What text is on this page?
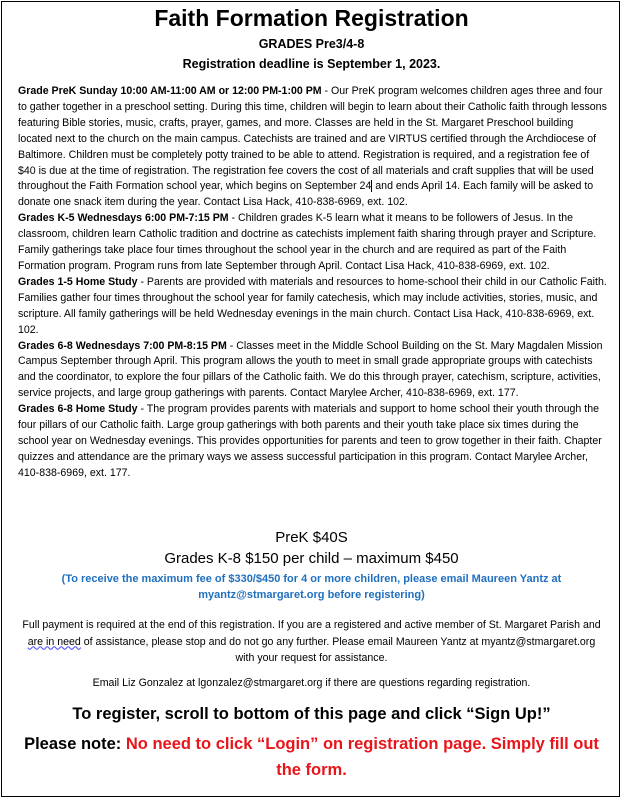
Faith Formation Registration
GRADES Pre3/4-8
Registration deadline is September 1, 2023.

Grade PreK Sunday 10:00 AM-11:00 AM or 12:00 PM-1:00 PM - Our PreK program welcomes children ages three and four to gather together in a preschool setting. During this time, children will begin to learn about their Catholic faith through lessons featuring Bible stories, music, crafts, prayer, games, and more. Classes are held in the St. Margaret Preschool building located next to the church on the main campus. Catechists are trained and are VIRTUS certified through the Archdiocese of Baltimore. Children must be completely potty trained to be able to attend. Registration is required, and a registration fee of $40 is due at the time of registration. The registration fee covers the cost of all materials and craft supplies that will be used throughout the Faith Formation school year, which begins on September 24 and ends April 14. Each family will be asked to donate one snack item during the year. Contact Lisa Hack, 410-838-6969, ext. 102.

Grades K-5 Wednesdays 6:00 PM-7:15 PM - Children grades K-5 learn what it means to be followers of Jesus. In the classroom, children learn Catholic tradition and doctrine as catechists implement faith sharing through prayer and Scripture. Family gatherings take place four times throughout the school year in the church and are required as part of the Faith Formation program. Program runs from late September through April. Contact Lisa Hack, 410-838-6969, ext. 102.

Grades 1-5 Home Study - Parents are provided with materials and resources to home-school their child in our Catholic Faith. Families gather four times throughout the school year for family catechesis, which may include activities, stories, music, and scripture. All family gatherings will be held Wednesday evenings in the main church. Contact Lisa Hack, 410-838-6969, ext. 102.

Grades 6-8 Wednesdays 7:00 PM-8:15 PM - Classes meet in the Middle School Building on the St. Mary Magdalen Mission Campus September through April. This program allows the youth to meet in small grade appropriate groups with catechists and the coordinator, to explore the four pillars of the Catholic faith. We do this through prayer, catechism, scripture, activities, service projects, and large group gatherings with parents. Contact Marylee Archer, 410-838-6969, ext. 177.

Grades 6-8 Home Study - The program provides parents with materials and support to home school their youth through the four pillars of our Catholic faith. Large group gatherings with both parents and their youth take place six times during the school year on Wednesday evenings. This provides opportunities for parents and teen to grow together in their faith. Chapter quizzes and attendance are the primary ways we assess successful participation in this program. Contact Marylee Archer, 410-838-6969, ext. 177.

PreK $40S
Grades K-8 $150 per child – maximum $450
(To receive the maximum fee of $330/$450 for 4 or more children, please email Maureen Yantz at myantz@stmargaret.org before registering)
Full payment is required at the end of this registration. If you are a registered and active member of St. Margaret Parish and are in need of assistance, please stop and do not go any further. Please email Maureen Yantz at myantz@stmargaret.org with your request for assistance.
Email Liz Gonzalez at lgonzalez@stmargaret.org if there are questions regarding registration.
To register, scroll to bottom of this page and click “Sign Up!”
Please note: No need to click “Login” on registration page. Simply fill out the form.
